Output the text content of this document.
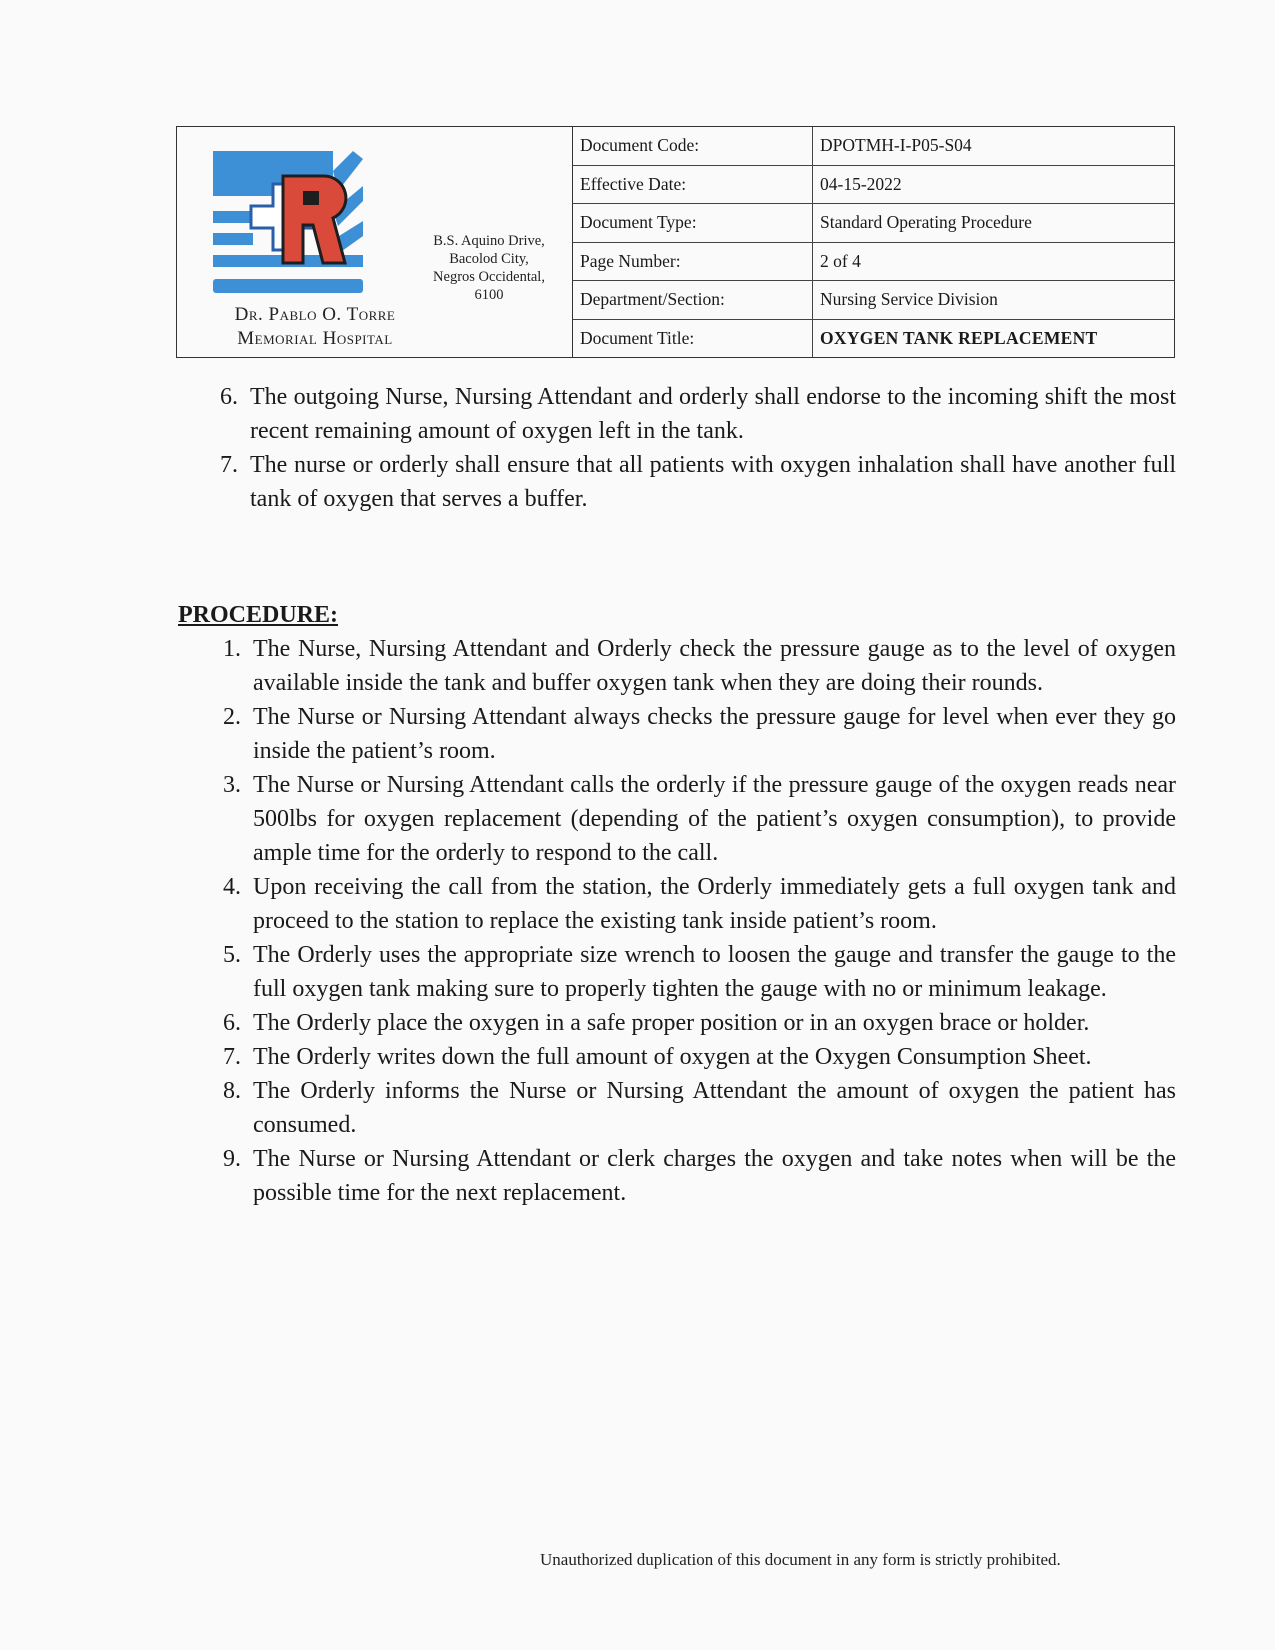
Dr. Pablo O. Torre
Memorial Hospital
B.S. Aquino Drive,
Bacolod City,
Negros Occidental,
6100
Document Code:	DPOTMH-I-P05-S04
Effective Date:	04-15-2022
Document Type:	Standard Operating Procedure
Page Number:	2 of 4
Department/Section:	Nursing Service Division
Document Title:	OXYGEN TANK REPLACEMENT
6. The outgoing Nurse, Nursing Attendant and orderly shall endorse to the incoming shift the most recent remaining amount of oxygen left in the tank.
7. The nurse or orderly shall ensure that all patients with oxygen inhalation shall have another full tank of oxygen that serves a buffer.
PROCEDURE:
1. The Nurse, Nursing Attendant and Orderly check the pressure gauge as to the level of oxygen available inside the tank and buffer oxygen tank when they are doing their rounds.
2. The Nurse or Nursing Attendant always checks the pressure gauge for level when ever they go inside the patient’s room.
3. The Nurse or Nursing Attendant calls the orderly if the pressure gauge of the oxygen reads near 500lbs for oxygen replacement (depending of the patient’s oxygen consumption), to provide ample time for the orderly to respond to the call.
4. Upon receiving the call from the station, the Orderly immediately gets a full oxygen tank and proceed to the station to replace the existing tank inside patient’s room.
5. The Orderly uses the appropriate size wrench to loosen the gauge and transfer the gauge to the full oxygen tank making sure to properly tighten the gauge with no or minimum leakage.
6. The Orderly place the oxygen in a safe proper position or in an oxygen brace or holder.
7. The Orderly writes down the full amount of oxygen at the Oxygen Consumption Sheet.
8. The Orderly informs the Nurse or Nursing Attendant the amount of oxygen the patient has consumed.
9. The Nurse or Nursing Attendant or clerk charges the oxygen and take notes when will be the possible time for the next replacement.
Unauthorized duplication of this document in any form is strictly prohibited.
